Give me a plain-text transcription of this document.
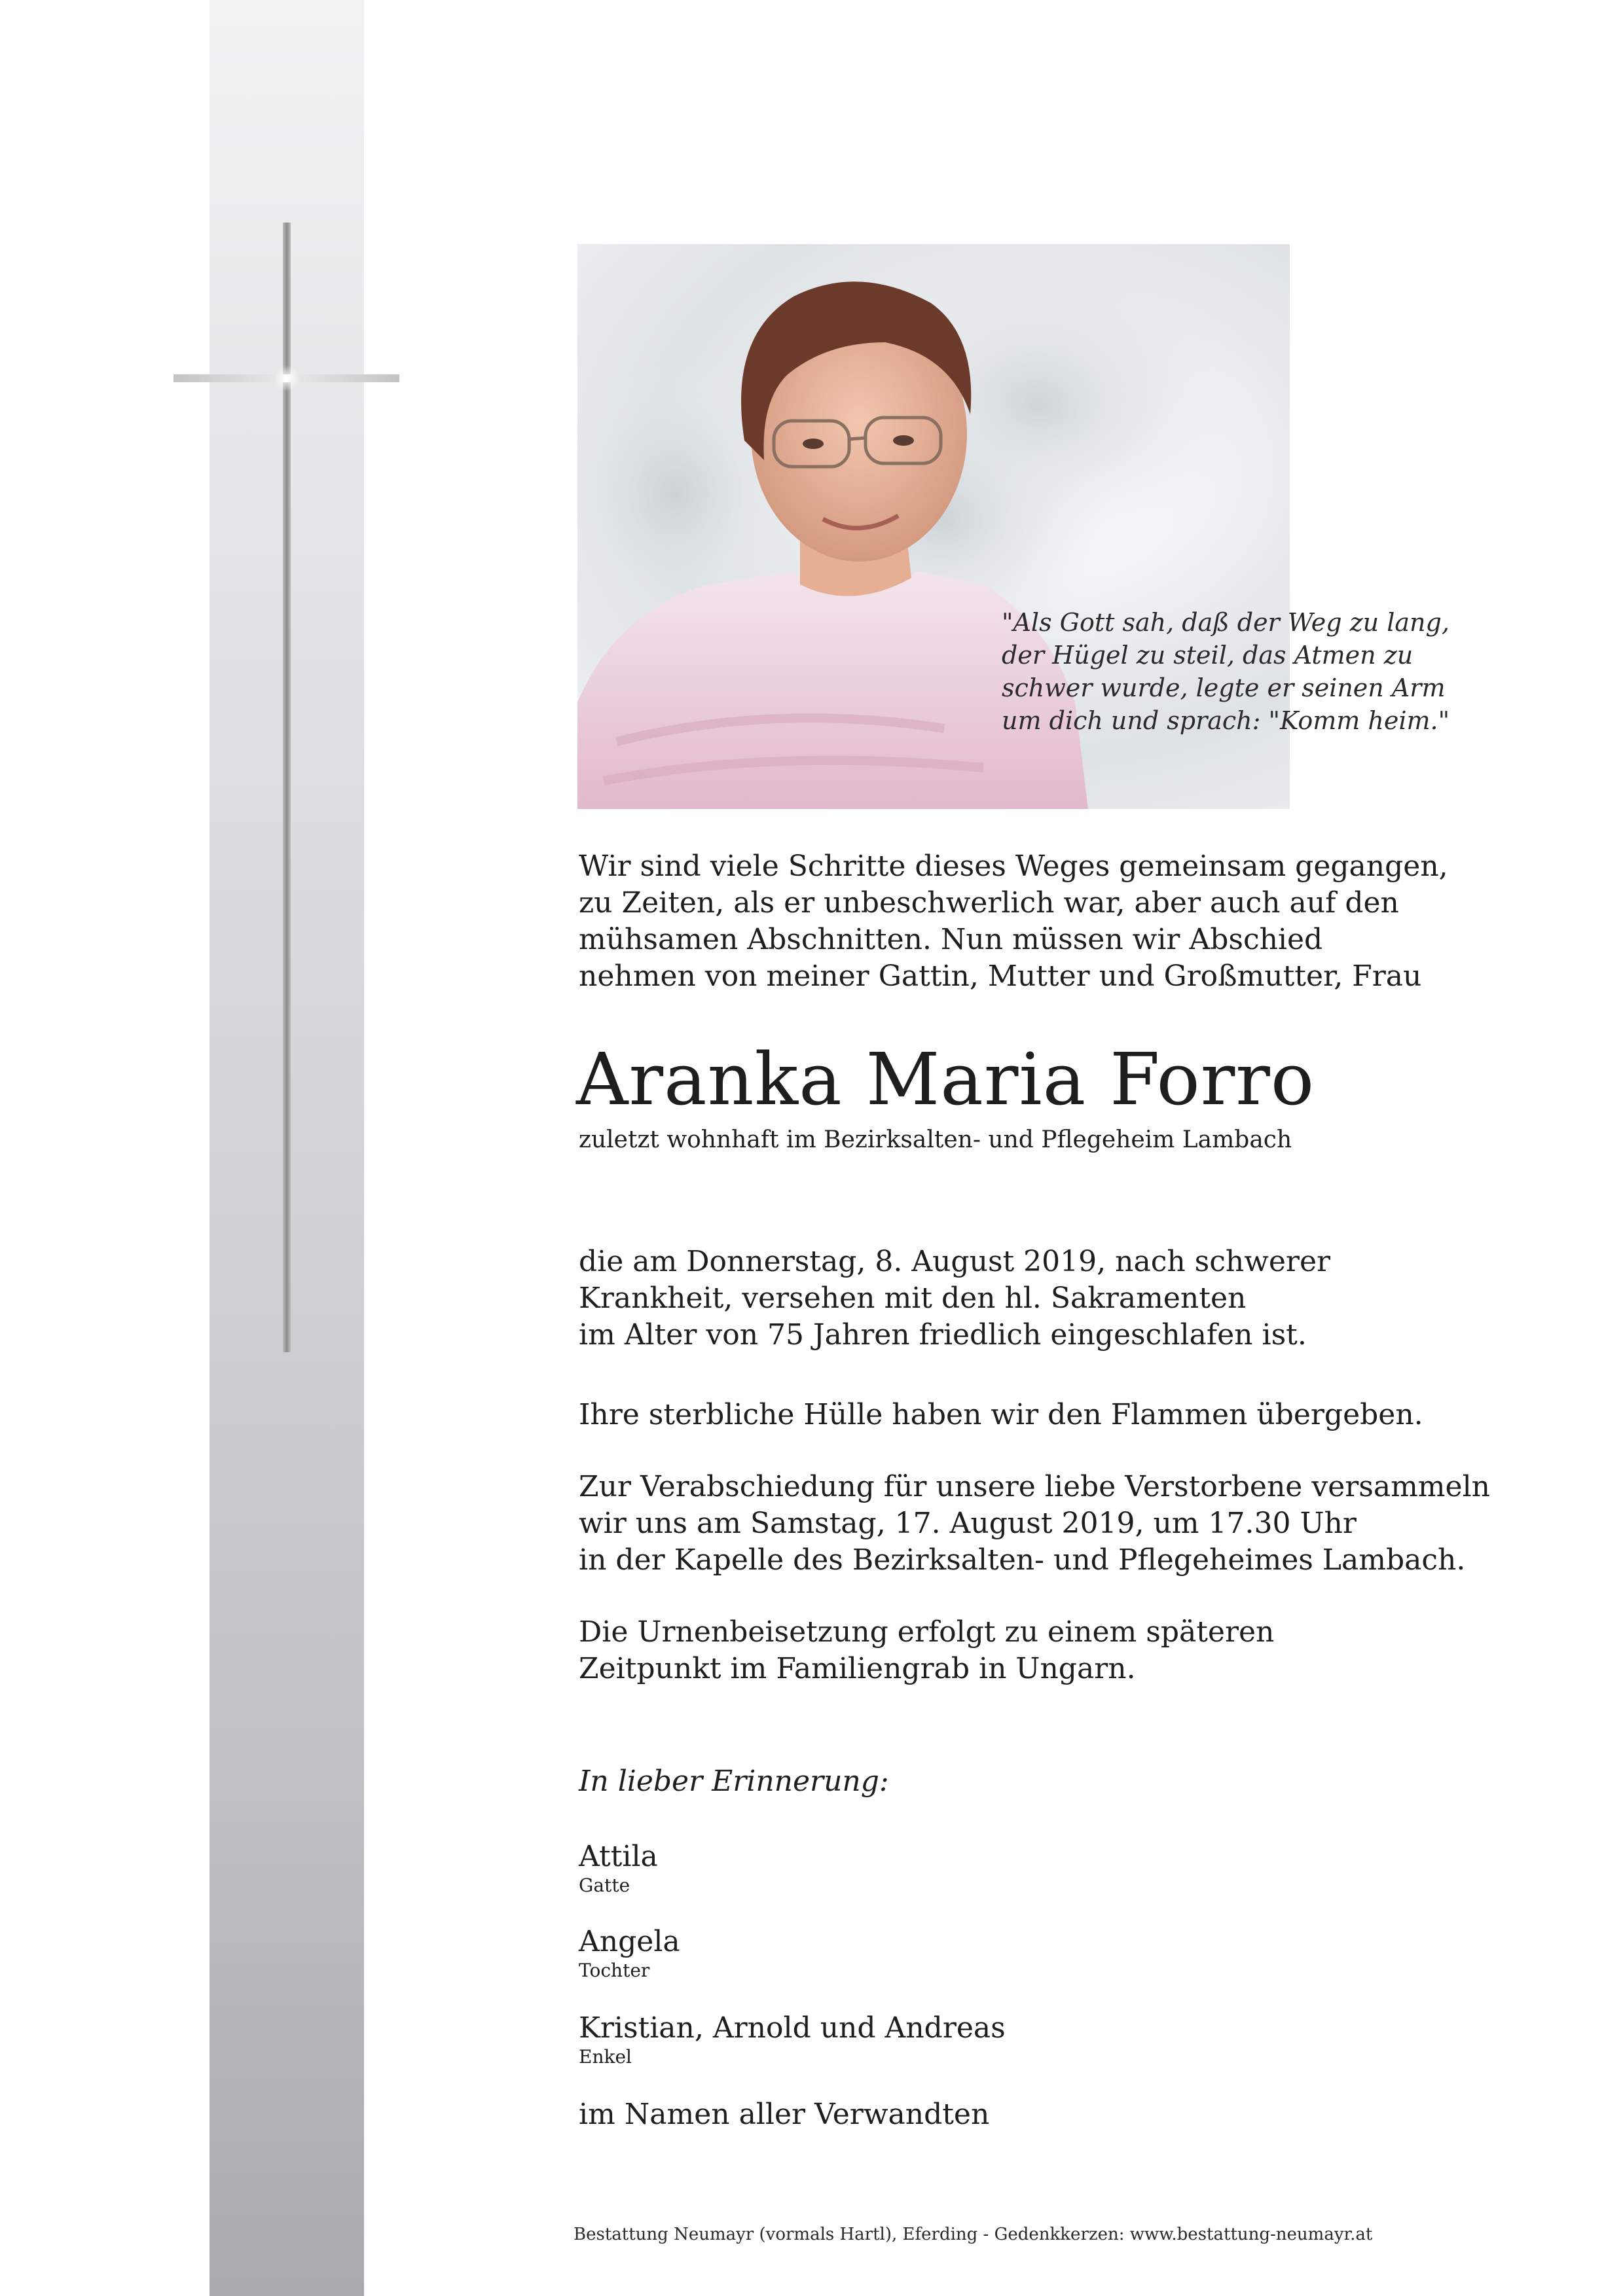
"Als Gott sah, daß der Weg zu lang,
der Hügel zu steil, das Atmen zu
schwer wurde, legte er seinen Arm
um dich und sprach: "Komm heim."
Wir sind viele Schritte dieses Weges gemeinsam gegangen,
zu Zeiten, als er unbeschwerlich war, aber auch auf den
mühsamen Abschnitten. Nun müssen wir Abschied
nehmen von meiner Gattin, Mutter und Großmutter, Frau
Aranka Maria Forro
zuletzt wohnhaft im Bezirksalten- und Pflegeheim Lambach
die am Donnerstag, 8. August 2019, nach schwerer
Krankheit, versehen mit den hl. Sakramenten
im Alter von 75 Jahren friedlich eingeschlafen ist.
Ihre sterbliche Hülle haben wir den Flammen übergeben.
Zur Verabschiedung für unsere liebe Verstorbene versammeln
wir uns am Samstag, 17. August 2019, um 17.30 Uhr
in der Kapelle des Bezirksalten- und Pflegeheimes Lambach.
Die Urnenbeisetzung erfolgt zu einem späteren
Zeitpunkt im Familiengrab in Ungarn.
In lieber Erinnerung:
Attila
Gatte
Angela
Tochter
Kristian, Arnold und Andreas
Enkel
im Namen aller Verwandten
Bestattung Neumayr (vormals Hartl), Eferding - Gedenkkerzen: www.bestattung-neumayr.at
